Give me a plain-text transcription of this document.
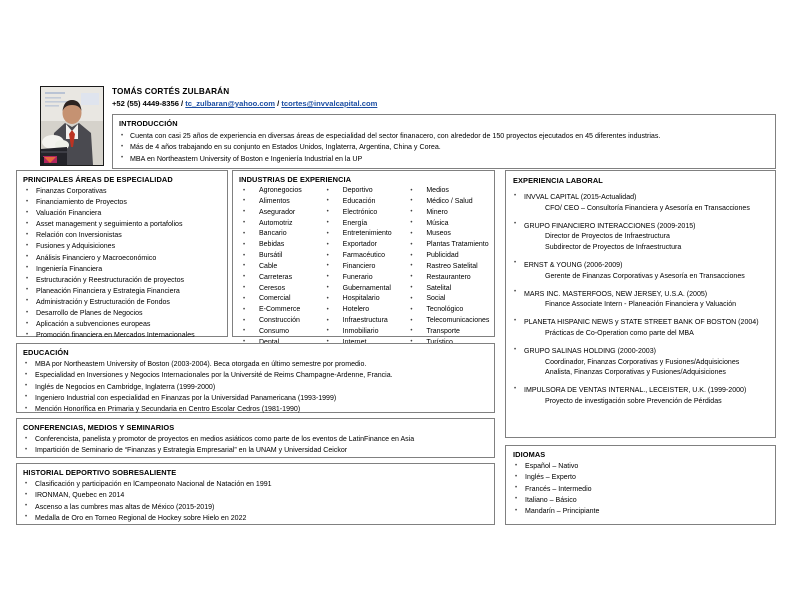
TOMÁS CORTÉS ZULBARÁN
+52 (55) 4449-8356 / tc_zulbaran@yahoo.com / tcortes@invvalcapital.com
INTRODUCCIÓN
• Cuenta con casi 25 años de experiencia en diversas áreas de especialidad del sector finanacero, con alrededor de 150 proyectos ejecutados en 45 diferentes industrias.
• Más de 4 años trabajando en su conjunto en Estados Unidos, Inglaterra, Argentina, China y Corea.
• MBA en Northeastern University of Boston e Ingeniería Industrial en la UP
PRINCIPALES ÁREAS DE ESPECIALIDAD
• Finanzas Corporativas
• Financiamiento de Proyectos
• Valuación Financiera
• Asset management y seguimiento a portafolios
• Relación con Inversionistas
• Fusiones y Adquisiciones
• Análisis Financiero y Macroeconómico
• Ingeniería Financiera
• Estructuración y Reestructuración de proyectos
• Planeación Financiera y Estrategia Financiera
• Administración y Estructuración de Fondos
• Desarrollo de Planes de Negocios
• Aplicación a subvenciones europeas
• Promoción financiera en Mercados Internacionales
INDUSTRIAS DE EXPERIENCIA
• Agronegocios
• Alimentos
• Asegurador
• Automotriz
• Bancario
• Bebidas
• Bursátil
• Cable
• Carreteras
• Ceresos
• Comercial
• E-Commerce
• Construcción
• Consumo
•
• Deportivo
• Educación
• Electrónico
• Energía
• Entretenimiento
• Exportador
• Farmacéutico
• Financiero
• Funerario
• Gubernamental
• Hospitalario
• Hotelero
• Infraestructura
• Inmobiliario
•
• Medios
• Médico / Salud
• Minero
• Música
• Museos
• Plantas Tratamiento
• Publicidad
• Rastreo Satelital
• Restaurantero
• Satelital
• Social
• Tecnológico
• Telecomunicaciones
• Transporte
•
EXPERIENCIA LABORAL
• INVVAL CAPITAL (2015-Actualidad)
CFO/ CEO – Consultoría Financiera y Asesoría en Transacciones
• GRUPO FINANCIERO INTERACCIONES (2009-2015)
Director de Proyectos de Infraestructura
Subdirector de Proyectos de Infraestructura
• ERNST & YOUNG (2006-2009)
Gerente de Finanzas Corporativas y Asesoría en Transacciones
• MARS INC. MASTERFOOS, NEW JERSEY, U.S.A. (2005)
Finance Associate Intern - Planeación Financiera y Valuación
• PLANETA HISPANIC NEWS y STATE STREET BANK OF BOSTON (2004)
Prácticas de Co-Operation como parte del MBA
• GRUPO SALINAS HOLDING (2000-2003)
Coordinador, Finanzas Corporativas y Fusiones/Adquisiciones
Analista, Finanzas Corporativas y Fusiones/Adquisiciones
• IMPULSORA DE VENTAS INTERNAL., LECEISTER, U.K. (1999-2000)
Proyecto de investigación sobre Prevención de Pérdidas
EDUCACIÓN
• MBA por Northeastern University of Boston (2003-2004). Beca otorgada en último semestre por promedio.
• Especialidad en Inversiones y Negocios Internacionales por la Université de Reims Champagne-Ardenne, Francia.
• Inglés de Negocios en Cambridge, Inglaterra (1999-2000)
• Ingeniero Industrial con especialidad en Finanzas por la Universidad Panamericana (1993-1999)
• Mención Honorífica en Primaria y Secundaria en Centro Escolar Cedros (1981-1990)
CONFERENCIAS, MEDIOS Y SEMINARIOS
• Conferencista, panelista y promotor de proyectos en medios asiáticos como parte de los eventos de LatinFinance en Asia
• Impartición de Seminario de “Finanzas y Estrategia Empresarial” en la UNAM y Universidad Ceickor
HISTORIAL DEPORTIVO SOBRESALIENTE
• Clasificación y participación en lCampeonato Nacional de Natación en 1991
• IRONMAN, Quebec en 2014
• Ascenso a las cumbres mas altas de México (2015-2019)
• Medalla de Oro en Torneo Regional de Hockey sobre Hielo en 2022
IDIOMAS
• Español – Nativo
• Inglés – Experto
• Francés – Intermedio
• Italiano – Básico
• Mandarín – Principiante
